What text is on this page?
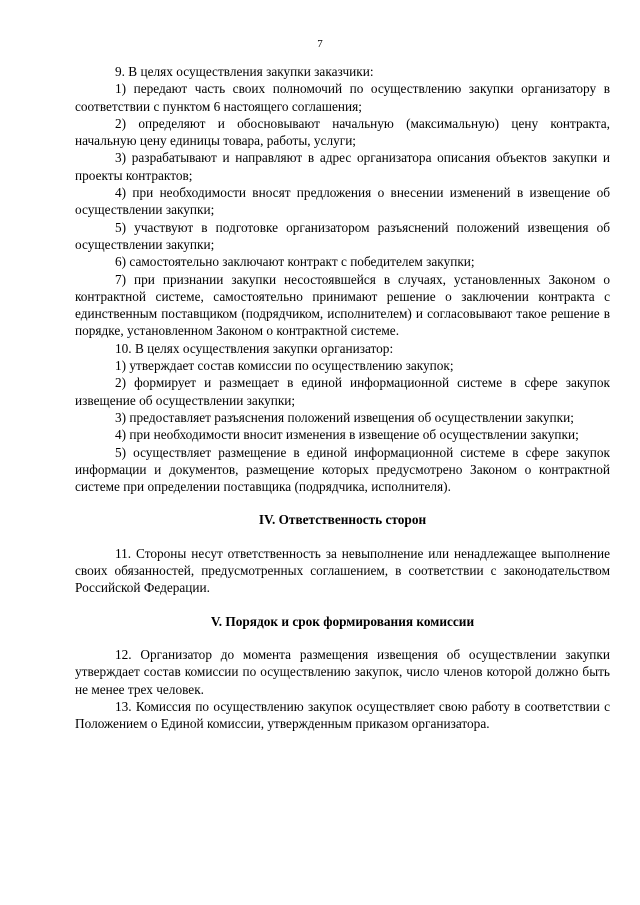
7

9. В целях осуществления закупки заказчики:

1) передают часть своих полномочий по осуществлению закупки организатору в соответствии с пунктом 6 настоящего соглашения;

2) определяют и обосновывают начальную (максимальную) цену контракта, начальную цену единицы товара, работы, услуги;

3) разрабатывают и направляют в адрес организатора описания объектов закупки и проекты контрактов;

4) при необходимости вносят предложения о внесении изменений в извещение об осуществлении закупки;

5) участвуют в подготовке организатором разъяснений положений извещения об осуществлении закупки;

6) самостоятельно заключают контракт с победителем закупки;

7) при признании закупки несостоявшейся в случаях, установленных Законом о контрактной системе, самостоятельно принимают решение о заключении контракта с единственным поставщиком (подрядчиком, исполнителем) и согласовывают такое решение в порядке, установленном Законом о контрактной системе.

10. В целях осуществления закупки организатор:

1) утверждает состав комиссии по осуществлению закупок;

2) формирует и размещает в единой информационной системе в сфере закупок извещение об осуществлении закупки;

3) предоставляет разъяснения положений извещения об осуществлении закупки;

4) при необходимости вносит изменения в извещение об осуществлении закупки;

5) осуществляет размещение в единой информационной системе в сфере закупок информации и документов, размещение которых предусмотрено Законом о контрактной системе при определении поставщика (подрядчика, исполнителя).

IV. Ответственность сторон

11. Стороны несут ответственность за невыполнение или ненадлежащее выполнение своих обязанностей, предусмотренных соглашением, в соответствии с законодательством Российской Федерации.

V. Порядок и срок формирования комиссии

12. Организатор до момента размещения извещения об осуществлении закупки утверждает состав комиссии по осуществлению закупок, число членов которой должно быть не менее трех человек.

13. Комиссия по осуществлению закупок осуществляет свою работу в соответствии с Положением о Единой комиссии, утвержденным приказом организатора.
